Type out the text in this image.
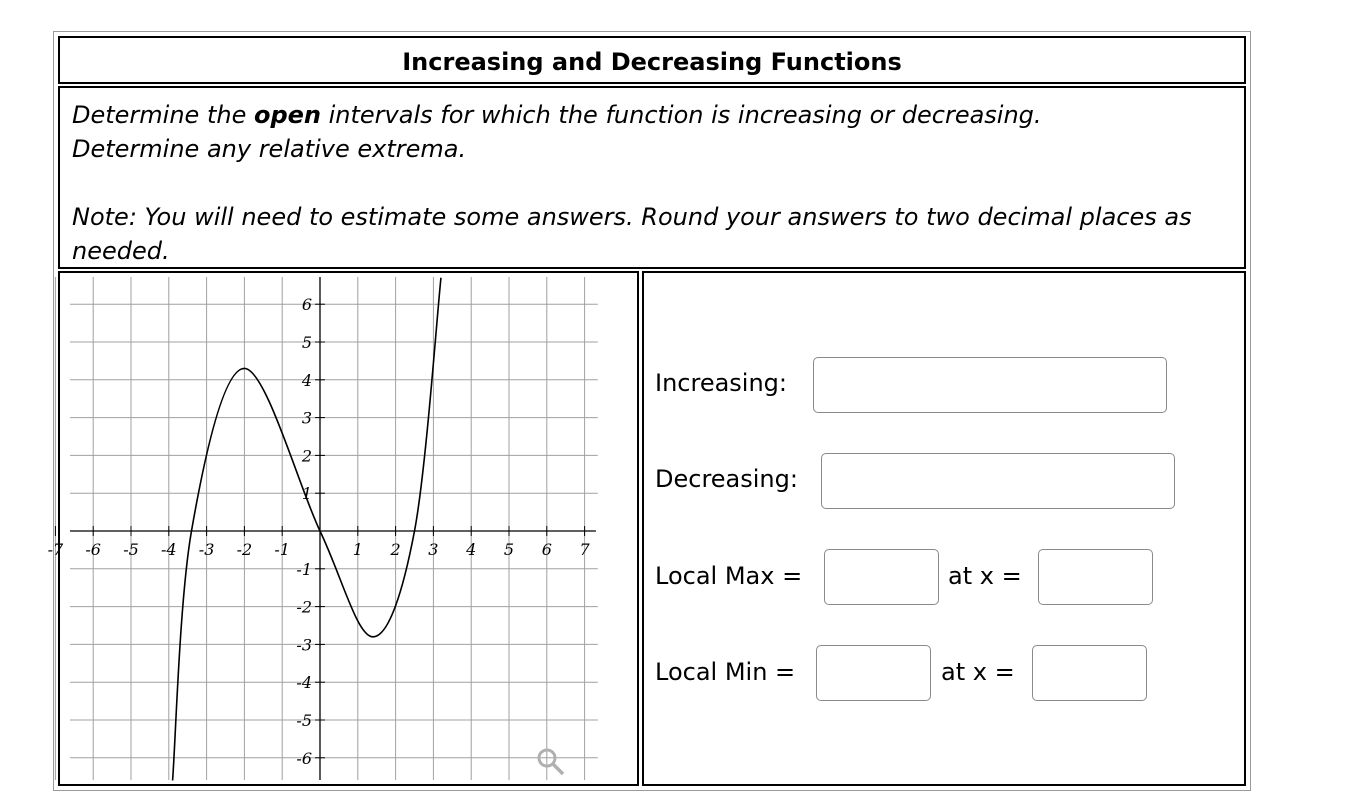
Increasing and Decreasing Functions
Determine the open intervals for which the function is increasing or decreasing.
Determine any relative extrema.

Note: You will need to estimate some answers. Round your answers to two decimal places as needed.
-7 -6 -5 -4 -3 -2 -1	1 2 3 4 5 6 7
6
5
4
3
2
1
-1
-2
-3
-4
-5
-6
Increasing:
Decreasing:
Local Max =	at x =
Local Min =	at x =
